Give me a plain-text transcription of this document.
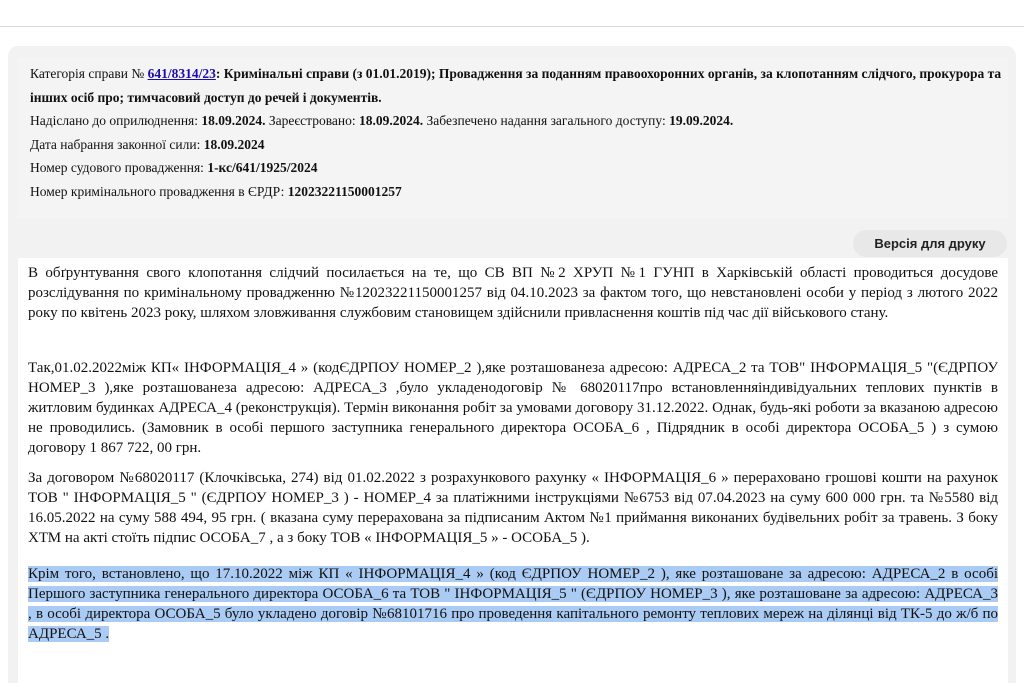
Категорія справи № 641/8314/23: Кримінальні справи (з 01.01.2019); Провадження за поданням правоохоронних органів, за клопотанням слідчого, прокурора та інших осіб про; тимчасовий доступ до речей і документів.
Надіслано до оприлюднення: 18.09.2024. Зареєстровано: 18.09.2024. Забезпечено надання загального доступу: 19.09.2024.
Дата набрання законної сили: 18.09.2024
Номер судового провадження: 1-кс/641/1925/2024
Номер кримінального провадження в ЄРДР: 12023221150001257
Версія для друку

В обґрунтування свого клопотання слідчий посилається на те, що СВ ВП №2 ХРУП №1 ГУНП в Харківській області проводиться досудове розслідування по кримінальному провадженню №12023221150001257 від 04.10.2023 за фактом того, що невстановлені особи у період з лютого 2022 року по квітень 2023 року, шляхом зловживання службовим становищем здійснили привласнення коштів під час дії військового стану.

Так,01.02.2022між КП« ІНФОРМАЦІЯ_4 » (кодЄДРПОУ НОМЕР_2 ),яке розташованеза адресою: АДРЕСА_2 та ТОВ" ІНФОРМАЦІЯ_5 "(ЄДРПОУ НОМЕР_3 ),яке розташованеза адресою: АДРЕСА_3 ,було укладенодоговір № 68020117про встановленняіндивідуальних теплових пунктів в житловим будинках АДРЕСА_4 (реконструкція). Термін виконання робіт за умовами договору 31.12.2022. Однак, будь-які роботи за вказаною адресою не проводились. (Замовник в особі першого заступника генерального директора ОСОБА_6 , Підрядник в особі директора ОСОБА_5 ) з сумою договору 1 867 722, 00 грн.

За договором №68020117 (Клочківська, 274) від 01.02.2022 з розрахункового рахунку « ІНФОРМАЦІЯ_6 » перераховано грошові кошти на рахунок ТОВ " ІНФОРМАЦІЯ_5 " (ЄДРПОУ НОМЕР_3 ) - НОМЕР_4 за платіжними інструкціями №6753 від 07.04.2023 на суму 600 000 грн. та №5580 від 16.05.2022 на суму 588 494, 95 грн. ( вказана суму перерахована за підписаним Актом №1 приймання виконаних будівельних робіт за травень. З боку ХТМ на акті стоїть підпис ОСОБА_7 , а з боку ТОВ « ІНФОРМАЦІЯ_5 » - ОСОБА_5 ).

Крім того, встановлено, що 17.10.2022 між КП « ІНФОРМАЦІЯ_4 » (код ЄДРПОУ НОМЕР_2 ), яке розташоване за адресою: АДРЕСА_2 в особі Першого заступника генерального директора ОСОБА_6 та ТОВ " ІНФОРМАЦІЯ_5 " (ЄДРПОУ НОМЕР_3 ), яке розташоване за адресою: АДРЕСА_3 , в особі директора ОСОБА_5 було укладено договір №68101716 про проведення капітального ремонту теплових мереж на ділянці від ТК-5 до ж/б по АДРЕСА_5 .
